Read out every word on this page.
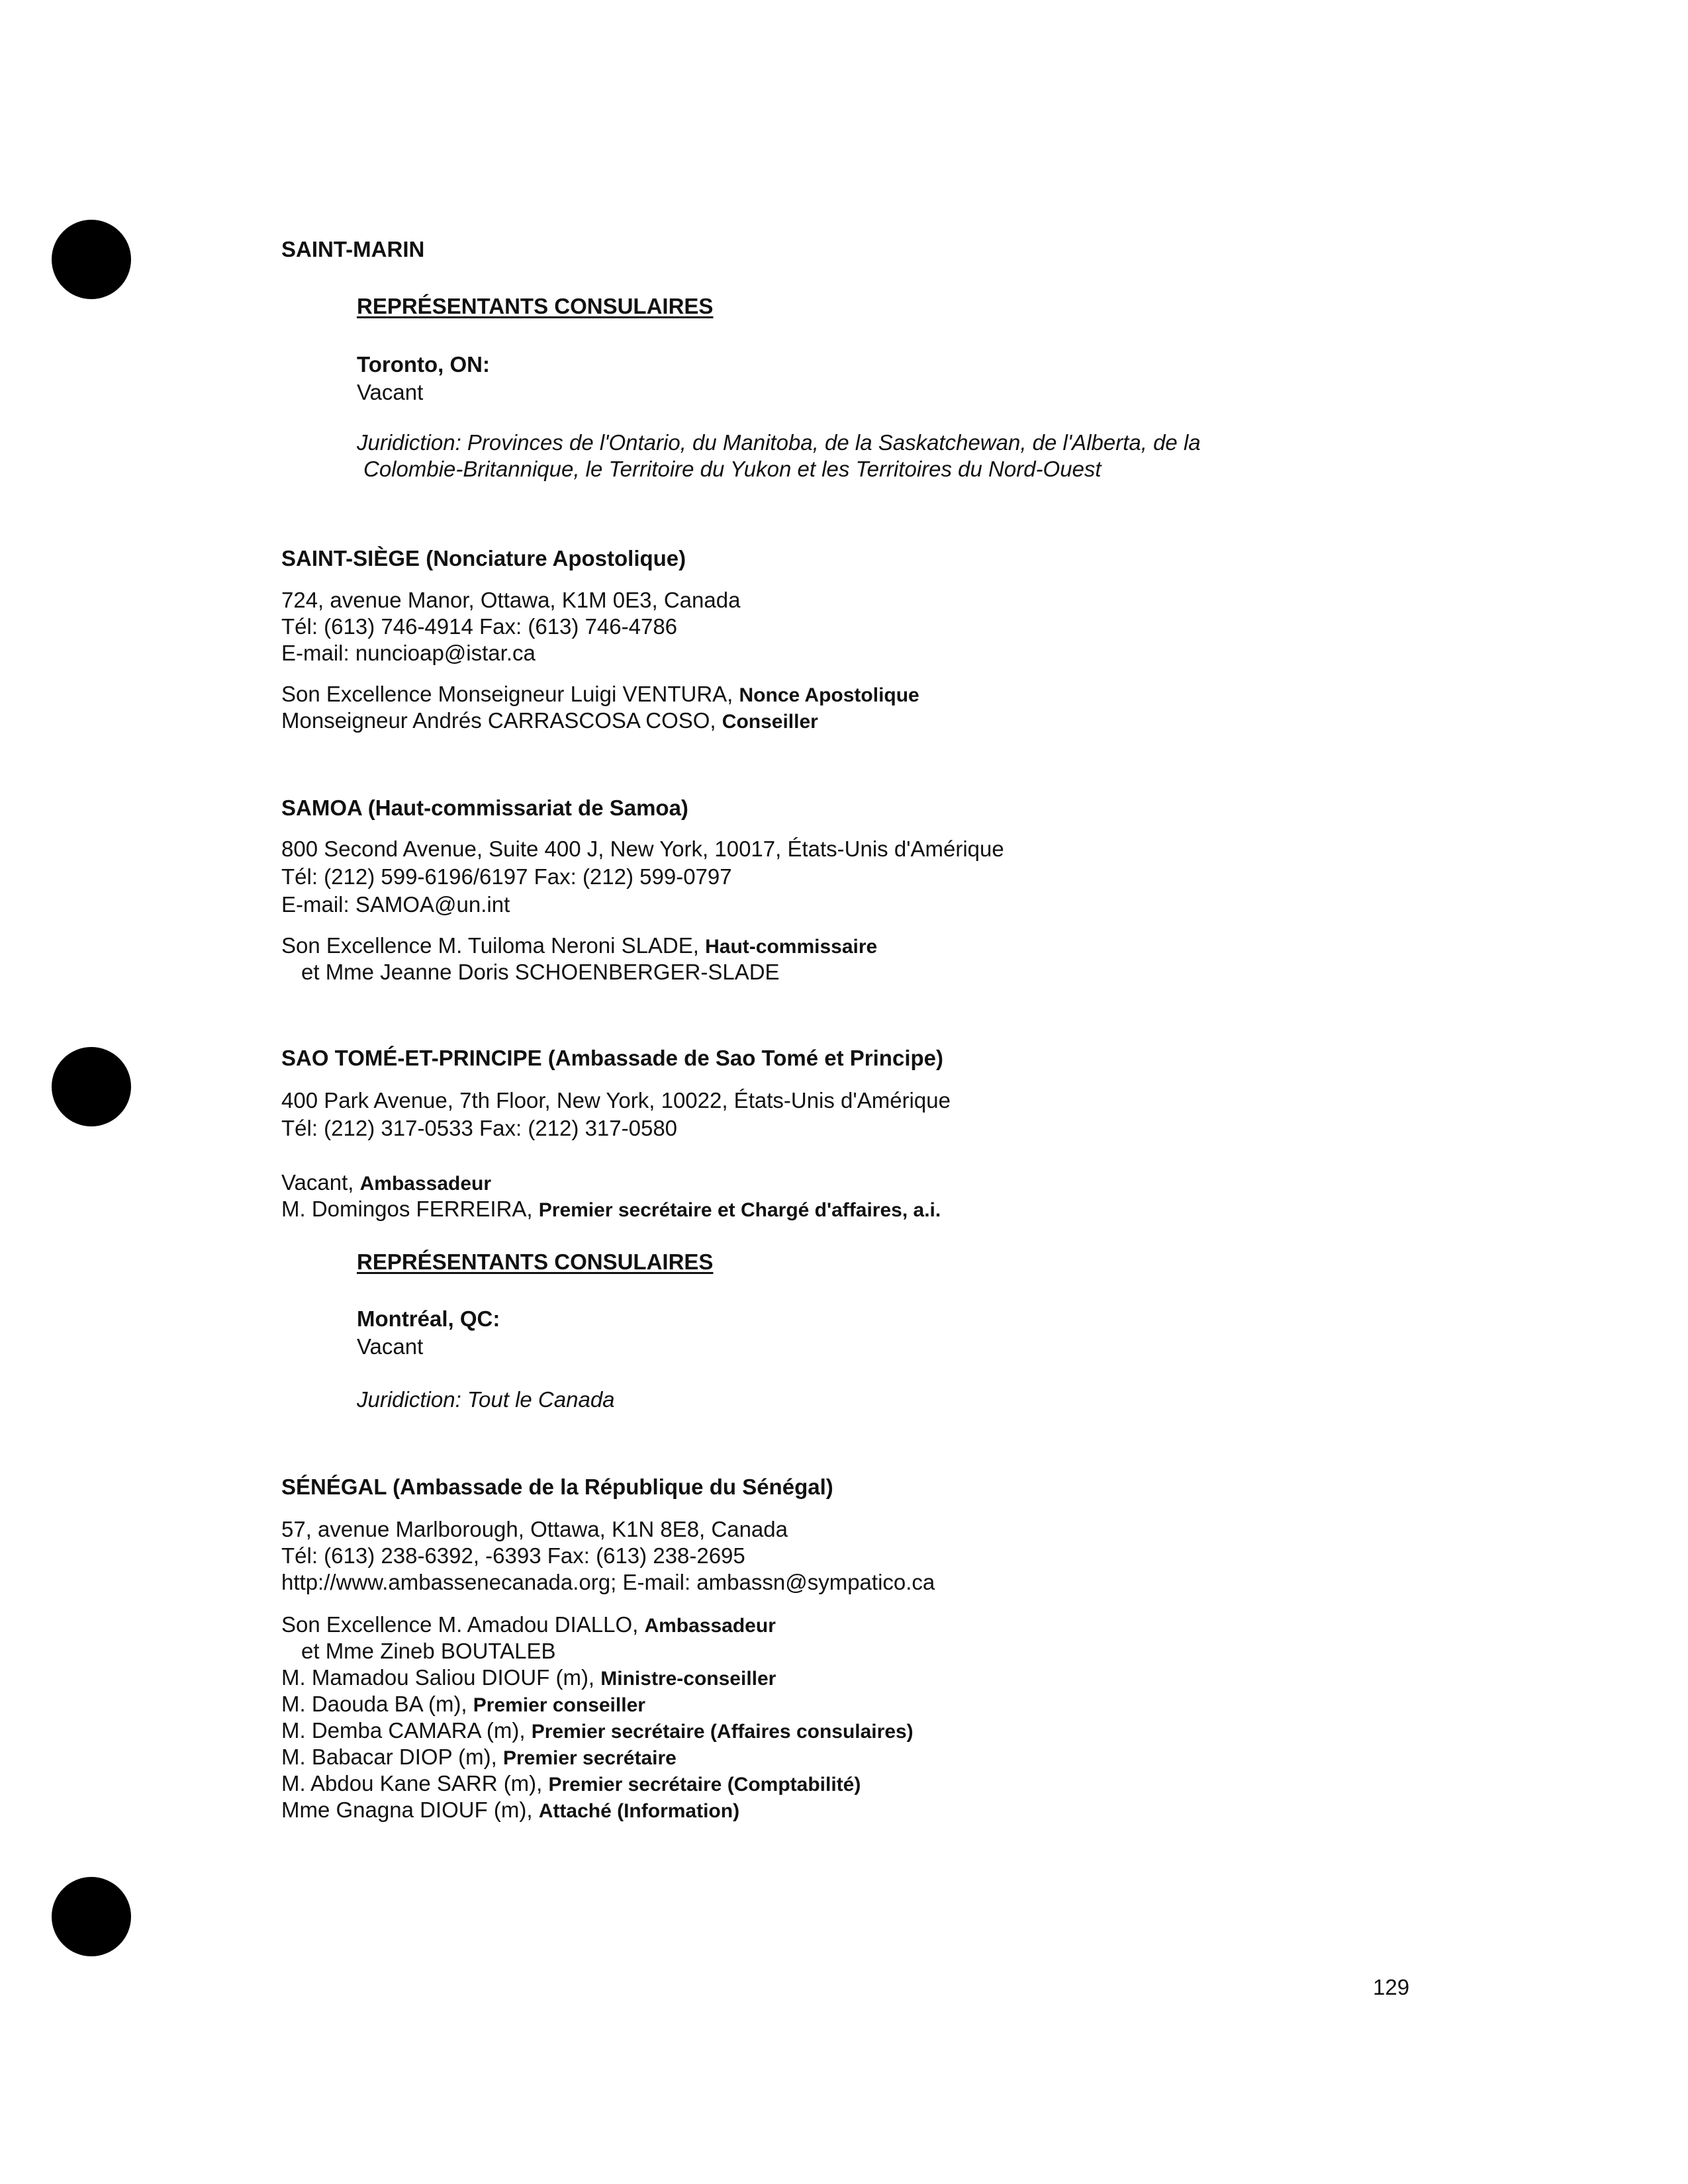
SAINT-MARIN
REPRÉSENTANTS CONSULAIRES
Toronto, ON:
Vacant
Juridiction: Provinces de l'Ontario, du Manitoba, de la Saskatchewan, de l'Alberta, de la
Colombie-Britannique, le Territoire du Yukon et les Territoires du Nord-Ouest
SAINT-SIÈGE (Nonciature Apostolique)
724, avenue Manor, Ottawa, K1M 0E3, Canada
Tél: (613) 746-4914 Fax: (613) 746-4786
E-mail: nuncioap@istar.ca
Son Excellence Monseigneur Luigi VENTURA, Nonce Apostolique
Monseigneur Andrés CARRASCOSA COSO, Conseiller
SAMOA (Haut-commissariat de Samoa)
800 Second Avenue, Suite 400 J, New York, 10017, États-Unis d'Amérique
Tél: (212) 599-6196/6197 Fax: (212) 599-0797
E-mail: SAMOA@un.int
Son Excellence M. Tuiloma Neroni SLADE, Haut-commissaire
et Mme Jeanne Doris SCHOENBERGER-SLADE
SAO TOMÉ-ET-PRINCIPE (Ambassade de Sao Tomé et Principe)
400 Park Avenue, 7th Floor, New York, 10022, États-Unis d'Amérique
Tél: (212) 317-0533 Fax: (212) 317-0580
Vacant, Ambassadeur
M. Domingos FERREIRA, Premier secrétaire et Chargé d'affaires, a.i.
REPRÉSENTANTS CONSULAIRES
Montréal, QC:
Vacant
Juridiction: Tout le Canada
SÉNÉGAL (Ambassade de la République du Sénégal)
57, avenue Marlborough, Ottawa, K1N 8E8, Canada
Tél: (613) 238-6392, -6393 Fax: (613) 238-2695
http://www.ambassenecanada.org; E-mail: ambassn@sympatico.ca
Son Excellence M. Amadou DIALLO, Ambassadeur
et Mme Zineb BOUTALEB
M. Mamadou Saliou DIOUF (m), Ministre-conseiller
M. Daouda BA (m), Premier conseiller
M. Demba CAMARA (m), Premier secrétaire (Affaires consulaires)
M. Babacar DIOP (m), Premier secrétaire
M. Abdou Kane SARR (m), Premier secrétaire (Comptabilité)
Mme Gnagna DIOUF (m), Attaché (Information)
129
